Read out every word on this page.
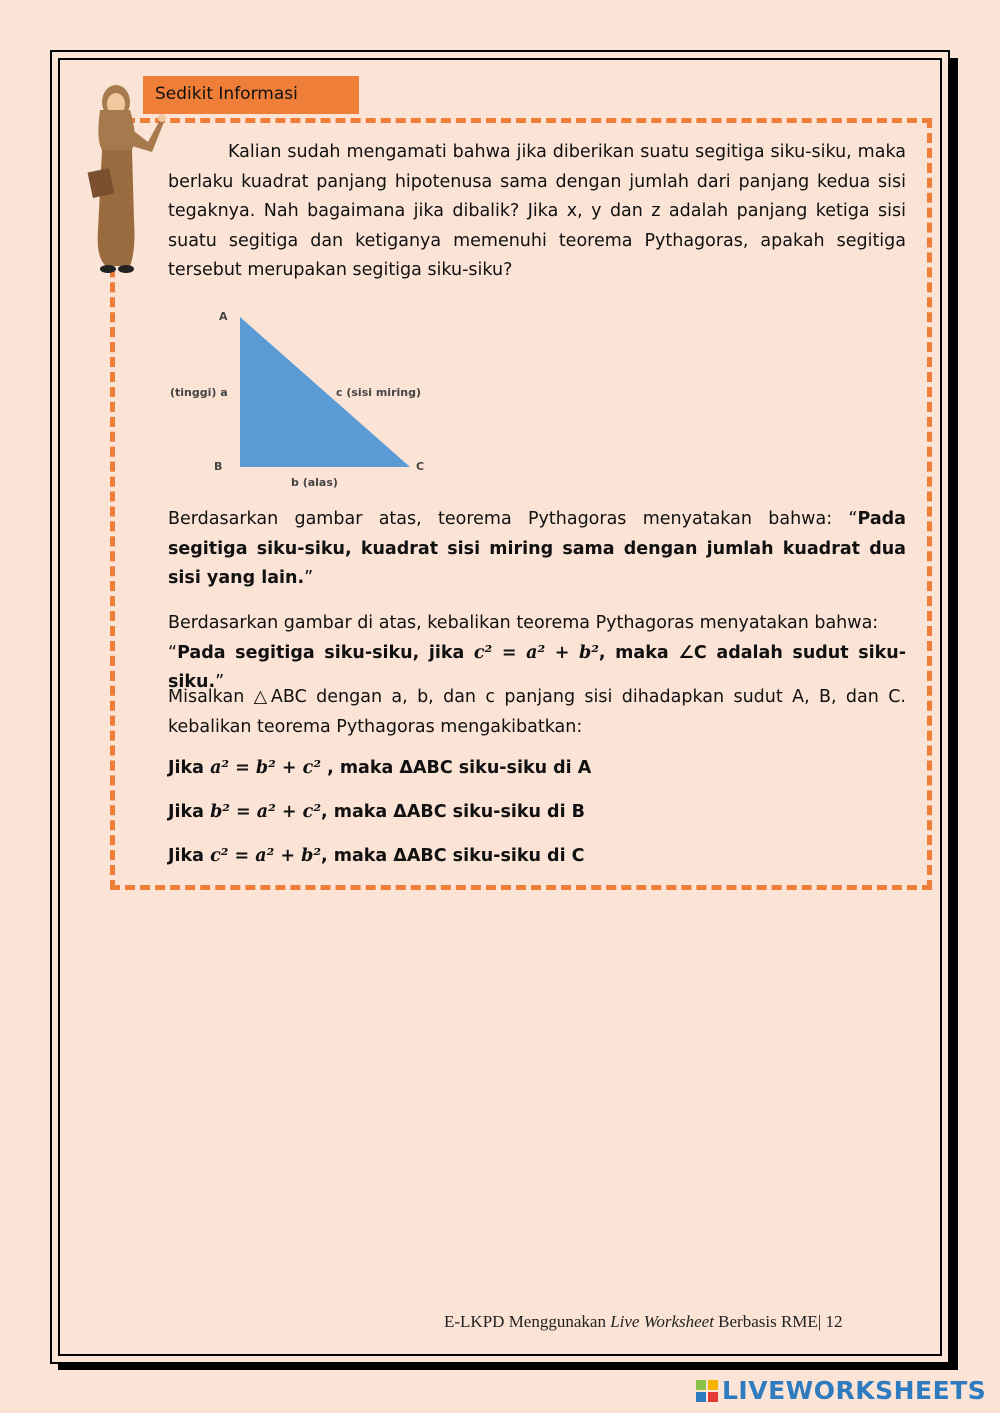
Sedikit Informasi

Kalian sudah mengamati bahwa jika diberikan suatu segitiga siku-siku, maka berlaku kuadrat panjang hipotenusa sama dengan jumlah dari panjang kedua sisi tegaknya. Nah bagaimana jika dibalik? Jika x, y dan z adalah panjang ketiga sisi suatu segitiga dan ketiganya memenuhi teorema Pythagoras, apakah segitiga tersebut merupakan segitiga siku-siku?

A
B	C
(tinggi) a	c (sisi miring)
b (alas)

Berdasarkan gambar atas, teorema Pythagoras menyatakan bahwa: “Pada segitiga siku-siku, kuadrat sisi miring sama dengan jumlah kuadrat dua sisi yang lain.”

Berdasarkan gambar di atas, kebalikan teorema Pythagoras menyatakan bahwa:
“Pada segitiga siku-siku, jika c² = a² + b², maka ∠C adalah sudut siku-siku.”

Misalkan △ABC dengan a, b, dan c panjang sisi dihadapkan sudut A, B, dan C. kebalikan teorema Pythagoras mengakibatkan:

Jika a² = b² + c² , maka ΔABC siku-siku di A
Jika b² = a² + c², maka ΔABC siku-siku di B
Jika c² = a² + b², maka ΔABC siku-siku di C
E-LKPD Menggunakan Live Worksheet Berbasis RME| 12
LIVEWORKSHEETS
